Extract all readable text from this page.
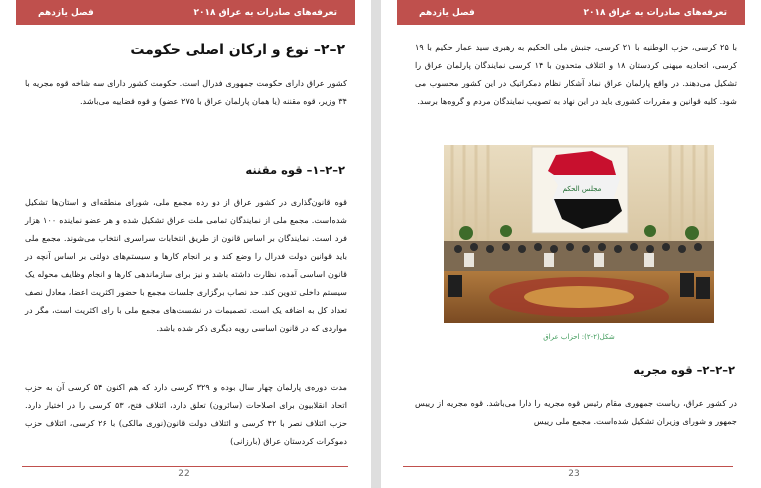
تعرفه‌های صادرات به عراق ۲۰۱۸
فصل یازدهم
۲–۲– نوع و ارکان اصلی حکومت
کشور عراق دارای حکومت جمهوری فدرال است. حکومت کشور دارای سه شاخه قوه مجریه با ۳۴ وزیر، قوه مقننه (یا همان پارلمان عراق با ۲۷۵ عضو) و قوه قضاییه می‌باشد.
۲–۲–۱– قوه مقننه
قوه قانون‌گذاری در کشور عراق از دو رده مجمع ملی، شورای منطقه‌ای و استان‌ها تشکیل شده‌است. مجمع ملی از نمایندگان تمامی ملت عراق تشکیل شده و هر عضو نماینده ۱۰۰ هزار فرد است. نمایندگان بر اساس قانون از طریق انتخابات سراسری انتخاب می‌شوند. مجمع ملی باید قوانین دولت فدرال را وضع کند و بر انجام کارها و سیستم‌های دولتی بر اساس آنچه در قانون اساسی آمده، نظارت داشته باشد و نیز برای سازماندهی کارها و انجام وظایف محوله یک سیستم داخلی تدوین کند. حد نصاب برگزاری جلسات مجمع با حضور اکثریت اعضا، معادل نصف تعداد کل به اضافه یک است. تصمیمات در نشست‌های مجمع ملی با رای اکثریت است، مگر در مواردی که در قانون اساسی رویه دیگری ذکر شده باشد.
مدت دوره‌ی پارلمان چهار سال بوده و ۳۲۹ کرسی دارد که هم اکنون ۵۴ کرسی آن به حزب اتحاد انقلابیون برای اصلاحات (سائرون) تعلق دارد، ائتلاف فتح، ۵۳ کرسی را در اختیار دارد. حزب ائتلاف نصر با ۴۲ کرسی و ائتلاف دولت قانون(نوری مالکی) با ۲۶ کرسی، ائتلاف حزب دموکرات کردستان عراق (بارزانی)
22
تعرفه‌های صادرات به عراق ۲۰۱۸
فصل یازدهم
با ۲۵ کرسی، حزب الوطنیه با ۲۱ کرسی، جنبش ملی الحکیم به رهبری سید عمار حکیم با ۱۹ کرسی، اتحادیه میهنی کردستان ۱۸ و ائتلاف متحدون با ۱۴ کرسی نمایندگان پارلمان عراق را تشکیل می‌دهند. در واقع پارلمان عراق نماد آشکار نظام دمکراتیک در این کشور محسوب می شود. کلیه قوانین و مقررات کشوری باید در این نهاد به تصویب نمایندگان مردم و گروه‌ها برسد.
مجلس الحكم
شکل(۲-۲): احزاب عراق
۲–۲–۲– قوه مجریه
در کشور عراق، ریاست جمهوری مقام رئیس قوه مجریه را دارا می‌باشد. قوه مجریه از رییس جمهور و شورای وزیران تشکیل شده‌است. مجمع ملی رییس
23
